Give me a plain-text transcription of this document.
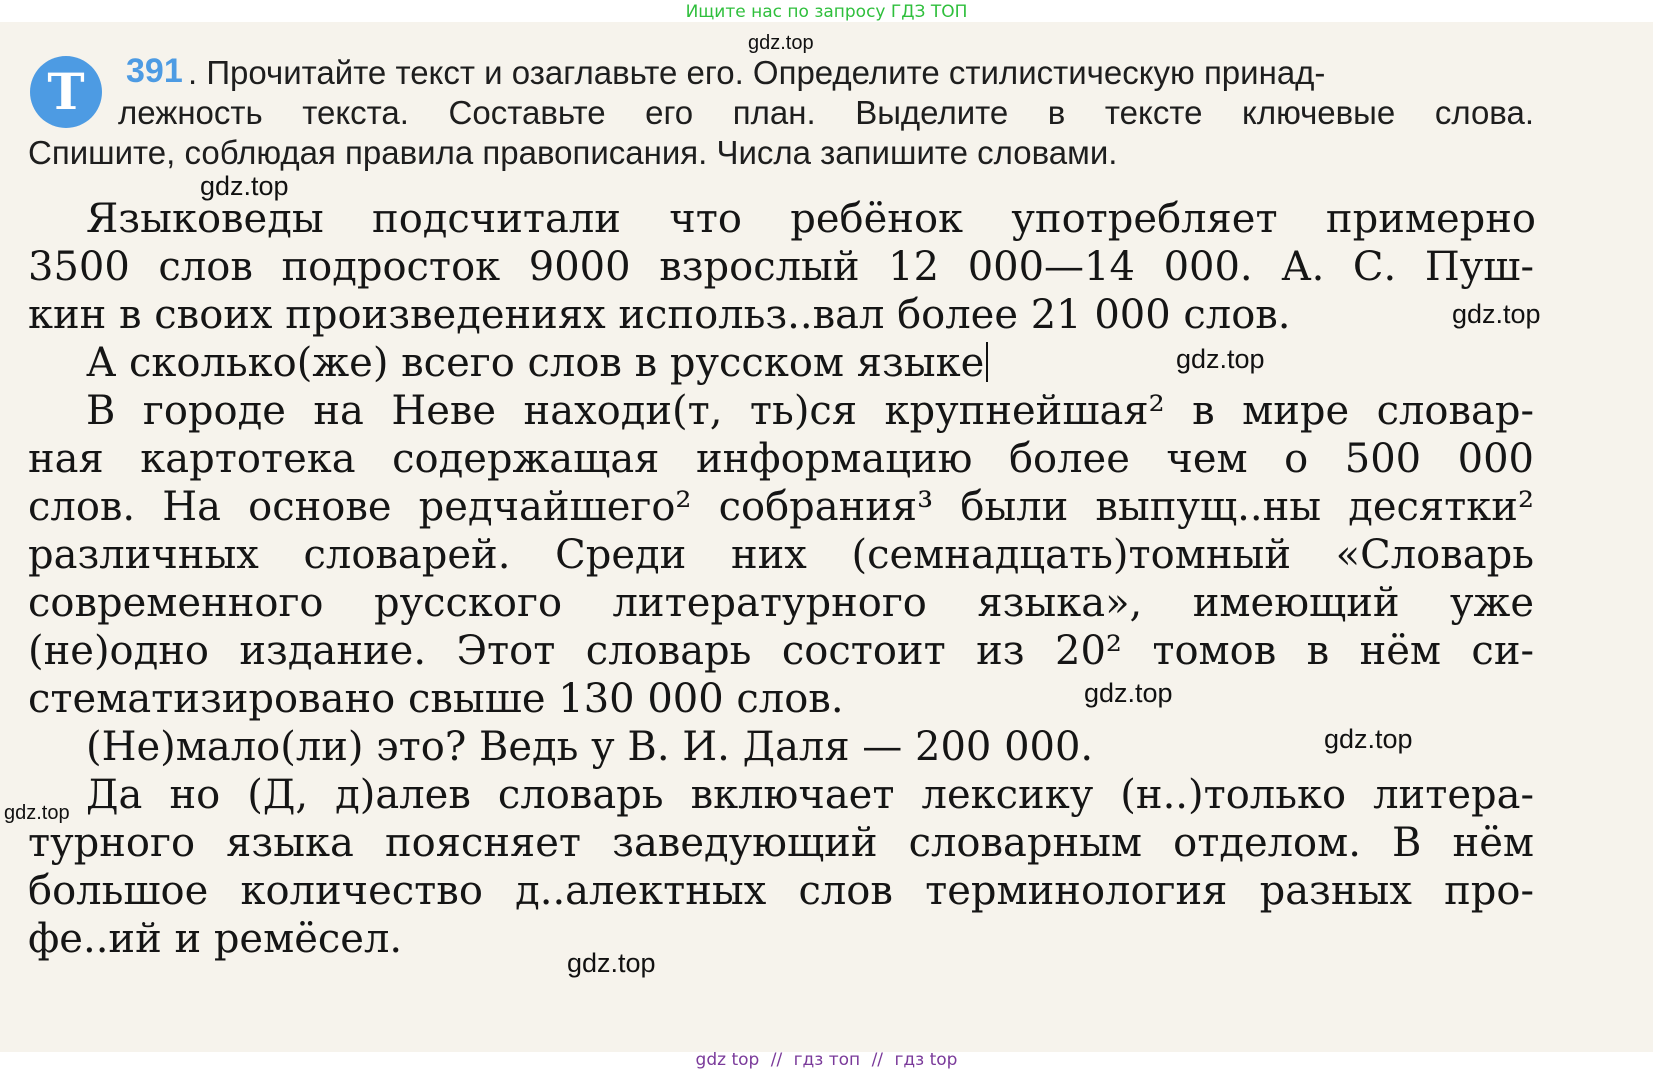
Ищите нас по запросу ГДЗ ТОП
Т	391 . Прочитайте текст и озаглавьте его. Определите стилистическую принад-
лежность текста. Составьте его план. Выделите в тексте ключевые слова.
Спишите, соблюдая правила правописания. Числа запишите словами.
Языковеды подсчитали что ребёнок употребляет примерно
3500 слов подросток 9000 взрослый 12 000—14 000. А. С. Пуш-
кин в своих произведениях использ..вал более 21 000 слов.
А сколько(же) всего слов в русском языке
В городе на Неве находи(т, ть)ся крупнейшая² в мире словар-
ная картотека содержащая информацию более чем о 500 000
слов. На основе редчайшего² собрания³ были выпущ..ны десятки²
различных словарей. Среди них (семнадцать)томный «Словарь
современного русского литературного языка», имеющий уже
(не)одно издание. Этот словарь состоит из 20² томов в нём си-
стематизировано свыше 130 000 слов.
(Не)мало(ли) это? Ведь у В. И. Даля — 200 000.
Да но (Д, д)алев словарь включает лексику (н..)только литера-
турного языка поясняет заведующий словарным отделом. В нём
большое количество д..алектных слов терминология разных про-
фе..ий и ремёсел.
gdz.top
gdz.top
gdz.top
gdz.top
gdz.top
gdz.top
gdz.top
gdz.top
gdz top // гдз топ // гдз top
